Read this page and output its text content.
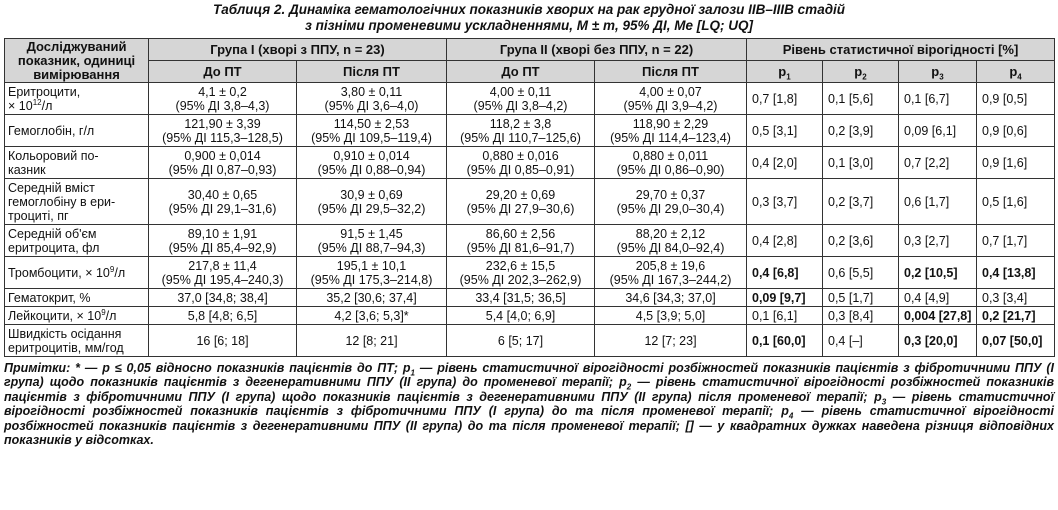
Таблиця 2. Динаміка гематологічних показників хворих на рак грудної залози IIB–IIIB стадій
з пізніми променевими ускладненнями, M ± m, 95% ДІ, Me [LQ; UQ]
Досліджуваний показник, одиниці вимірювання	Група I (хворі з ППУ, n = 23)		Група II (хворі без ППУ, n = 22)		Рівень статистичної вірогідності [%]			
	До ПТ	Після ПТ	До ПТ	Після ПТ	$p_1$	$p_2$	$p_3$	$p_4$
Еритроцити,
× $10^{12}/л$	4,1 ± 0,2
(95% ДІ 3,8–4,3)	3,80 ± 0,11
(95% ДІ 3,6–4,0)	4,00 ± 0,11
(95% ДІ 3,8–4,2)	4,00 ± 0,07
(95% ДІ 3,9–4,2)	0,7 [1,8]	0,1 [5,6]	0,1 [6,7]	0,9 [0,5]
Гемоглобін, г/л	121,90 ± 3,39
(95% ДІ 115,3–128,5)	114,50 ± 2,53
(95% ДІ 109,5–119,4)	118,2 ± 3,8
(95% ДІ 110,7–125,6)	118,90 ± 2,29
(95% ДІ 114,4–123,4)	0,5 [3,1]	0,2 [3,9]	0,09 [6,1]	0,9 [0,6]
Кольоровий по-
казник	0,900 ± 0,014
(95% ДІ 0,87–0,93)	0,910 ± 0,014
(95% ДІ 0,88–0,94)	0,880 ± 0,016
(95% ДІ 0,85–0,91)	0,880 ± 0,011
(95% ДІ 0,86–0,90)	0,4 [2,0]	0,1 [3,0]	0,7 [2,2]	0,9 [1,6]
Середній вміст
гемоглобіну в ери-
троциті, пг	30,40 ± 0,65
(95% ДІ 29,1–31,6)	30,9 ± 0,69
(95% ДІ 29,5–32,2)	29,20 ± 0,69
(95% ДІ 27,9–30,6)	29,70 ± 0,37
(95% ДІ 29,0–30,4)	0,3 [3,7]	0,2 [3,7]	0,6 [1,7]	0,5 [1,6]
Середній об'єм
еритроцита, фл	89,10 ± 1,91
(95% ДІ 85,4–92,9)	91,5 ± 1,45
(95% ДІ 88,7–94,3)	86,60 ± 2,56
(95% ДІ 81,6–91,7)	88,20 ± 2,12
(95% ДІ 84,0–92,4)	0,4 [2,8]	0,2 [3,6]	0,3 [2,7]	0,7 [1,7]
Тромбоцити, × $10^9/л$	217,8 ± 11,4
(95% ДІ 195,4–240,3)	195,1 ± 10,1
(95% ДІ 175,3–214,8)	232,6 ± 15,5
(95% ДІ 202,3–262,9)	205,8 ± 19,6
(95% ДІ 167,3–244,2)	0,4 [6,8]	0,6 [5,5]	0,2 [10,5]	0,4 [13,8]
Гематокрит, %	37,0 [34,8; 38,4]	35,2 [30,6; 37,4]	33,4 [31,5; 36,5]	34,6 [34,3; 37,0]	0,09 [9,7]	0,5 [1,7]	0,4 [4,9]	0,3 [3,4]
Лейкоцити, × $10^9/л$	5,8 [4,8; 6,5]	4,2 [3,6; 5,3]*	5,4 [4,0; 6,9]	4,5 [3,9; 5,0]	0,1 [6,1]	0,3 [8,4]	0,004 [27,8]	0,2 [21,7]
Швидкість осідання
еритроцитів, мм/год	16 [6; 18]	12 [8; 21]	6 [5; 17]	12 [7; 23]	0,1 [60,0]	0,4 [–]	0,3 [20,0]	0,07 [50,0]
Примітки: * — p ≤ 0,05 відносно показників пацієнтів до ПТ; $p_1$ — рівень статистичної вірогідності розбіжностей показників пацієнтів з фібротичними ППУ (I група) щодо показників пацієнтів з дегенеративними ППУ (II група) до променевої терапії; $p_2$ — рівень статистичної вірогідності розбіжностей показників пацієнтів з фібротичними ППУ (I група) щодо показників пацієнтів з дегенеративними ППУ (II група) після променевої терапії; $p_3$ — рівень статистичної вірогідності розбіжностей показників пацієнтів з фібротичними ППУ (I група) до та після променевої терапії; $p_4$ — рівень статистичної вірогідності розбіжностей показників пацієнтів з дегенеративними ППУ (II група) до та після променевої терапії; [] — у квадратних дужках наведена різниця відповідних показників у відсотках.
